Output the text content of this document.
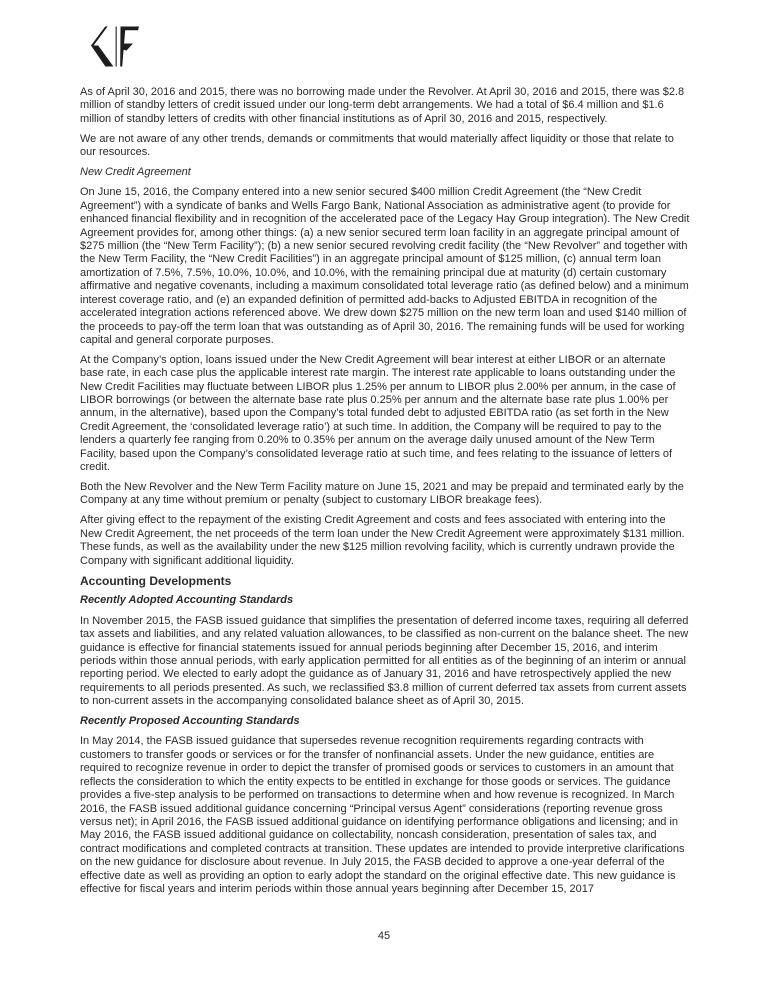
As of April 30, 2016 and 2015, there was no borrowing made under the Revolver. At April 30, 2016 and 2015, there was $2.8 million of standby letters of credit issued under our long-term debt arrangements. We had a total of $6.4 million and $1.6 million of standby letters of credits with other financial institutions as of April 30, 2016 and 2015, respectively.

We are not aware of any other trends, demands or commitments that would materially affect liquidity or those that relate to our resources.

New Credit Agreement

On June 15, 2016, the Company entered into a new senior secured $400 million Credit Agreement (the “New Credit Agreement”) with a syndicate of banks and Wells Fargo Bank, National Association as administrative agent (to provide for enhanced financial flexibility and in recognition of the accelerated pace of the Legacy Hay Group integration). The New Credit Agreement provides for, among other things: (a) a new senior secured term loan facility in an aggregate principal amount of $275 million (the “New Term Facility”); (b) a new senior secured revolving credit facility (the “New Revolver” and together with the New Term Facility, the “New Credit Facilities”) in an aggregate principal amount of $125 million, (c) annual term loan amortization of 7.5%, 7.5%, 10.0%, 10.0%, and 10.0%, with the remaining principal due at maturity (d) certain customary affirmative and negative covenants, including a maximum consolidated total leverage ratio (as defined below) and a minimum interest coverage ratio, and (e) an expanded definition of permitted add-backs to Adjusted EBITDA in recognition of the accelerated integration actions referenced above. We drew down $275 million on the new term loan and used $140 million of the proceeds to pay-off the term loan that was outstanding as of April 30, 2016. The remaining funds will be used for working capital and general corporate purposes.

At the Company’s option, loans issued under the New Credit Agreement will bear interest at either LIBOR or an alternate base rate, in each case plus the applicable interest rate margin. The interest rate applicable to loans outstanding under the New Credit Facilities may fluctuate between LIBOR plus 1.25% per annum to LIBOR plus 2.00% per annum, in the case of LIBOR borrowings (or between the alternate base rate plus 0.25% per annum and the alternate base rate plus 1.00% per annum, in the alternative), based upon the Company’s total funded debt to adjusted EBITDA ratio (as set forth in the New Credit Agreement, the ‘consolidated leverage ratio’) at such time. In addition, the Company will be required to pay to the lenders a quarterly fee ranging from 0.20% to 0.35% per annum on the average daily unused amount of the New Term Facility, based upon the Company’s consolidated leverage ratio at such time, and fees relating to the issuance of letters of credit.

Both the New Revolver and the New Term Facility mature on June 15, 2021 and may be prepaid and terminated early by the Company at any time without premium or penalty (subject to customary LIBOR breakage fees).

After giving effect to the repayment of the existing Credit Agreement and costs and fees associated with entering into the New Credit Agreement, the net proceeds of the term loan under the New Credit Agreement were approximately $131 million. These funds, as well as the availability under the new $125 million revolving facility, which is currently undrawn provide the Company with significant additional liquidity.

Accounting Developments
Recently Adopted Accounting Standards

In November 2015, the FASB issued guidance that simplifies the presentation of deferred income taxes, requiring all deferred tax assets and liabilities, and any related valuation allowances, to be classified as non-current on the balance sheet. The new guidance is effective for financial statements issued for annual periods beginning after December 15, 2016, and interim periods within those annual periods, with early application permitted for all entities as of the beginning of an interim or annual reporting period. We elected to early adopt the guidance as of January 31, 2016 and have retrospectively applied the new requirements to all periods presented. As such, we reclassified $3.8 million of current deferred tax assets from current assets to non-current assets in the accompanying consolidated balance sheet as of April 30, 2015.

Recently Proposed Accounting Standards

In May 2014, the FASB issued guidance that supersedes revenue recognition requirements regarding contracts with customers to transfer goods or services or for the transfer of nonfinancial assets. Under the new guidance, entities are required to recognize revenue in order to depict the transfer of promised goods or services to customers in an amount that reflects the consideration to which the entity expects to be entitled in exchange for those goods or services. The guidance provides a five-step analysis to be performed on transactions to determine when and how revenue is recognized. In March 2016, the FASB issued additional guidance concerning “Principal versus Agent” considerations (reporting revenue gross versus net); in April 2016, the FASB issued additional guidance on identifying performance obligations and licensing; and in May 2016, the FASB issued additional guidance on collectability, noncash consideration, presentation of sales tax, and contract modifications and completed contracts at transition. These updates are intended to provide interpretive clarifications on the new guidance for disclosure about revenue. In July 2015, the FASB decided to approve a one-year deferral of the effective date as well as providing an option to early adopt the standard on the original effective date. This new guidance is effective for fiscal years and interim periods within those annual years beginning after December 15, 2017

45
